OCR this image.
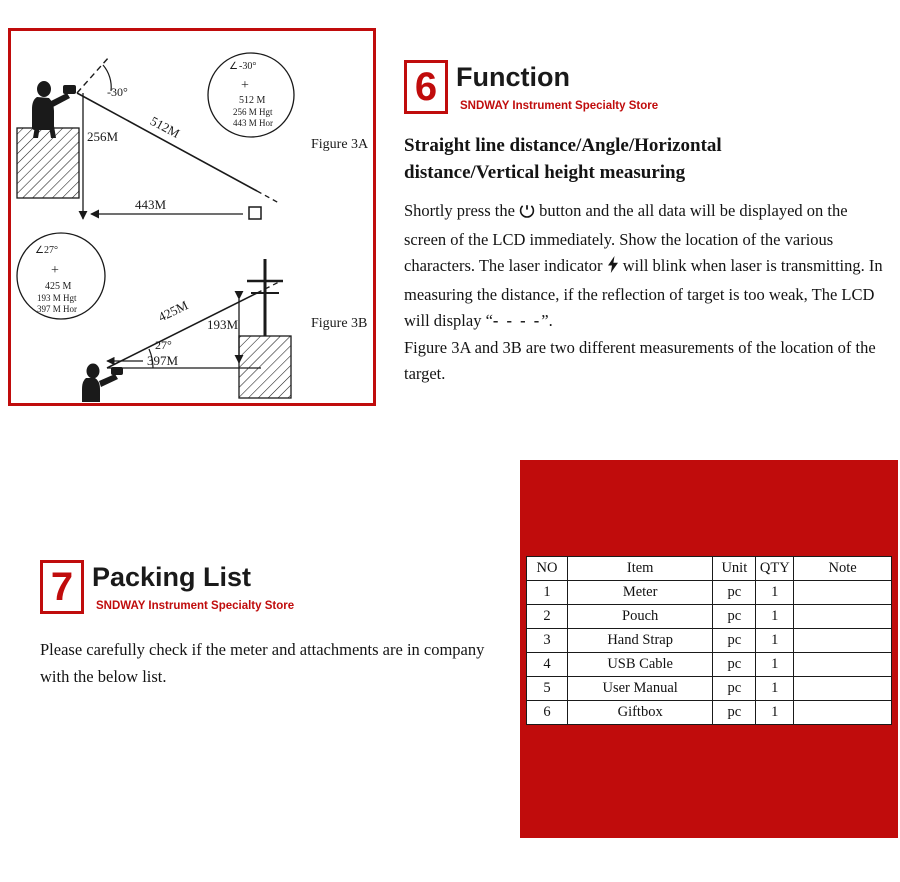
-30°
512M
256M
443M
∠ -30°
+
512 M
256 M Hgt
443 M Hor
Figure 3A
425M
27°
397M
193M
∠ 27°
+
425 M
193 M Hgt
397 M Hor
Figure 3B
6 Function
SNDWAY Instrument Specialty Store
Straight line distance/Angle/Horizontal
distance/Vertical height measuring

Shortly press the button and the all data will be displayed on the screen of the LCD immediately. Show the location of the various characters. The laser indicator will blink when laser is transmitting. In measuring the distance, if the reflection of target is too weak, The LCD will display “- - - -”.

Figure 3A and 3B are two different measurements of the location of the target.

7 Packing List
SNDWAY Instrument Specialty Store

Please carefully check if the meter and attachments are in company with the below list.

NO	Item	Unit	QTY	Note
1	Meter	pc	1	
2	Pouch	pc	1	
3	Hand Strap	pc	1	
4	USB Cable	pc	1	
5	User Manual	pc	1	
6	Giftbox	pc	1	
